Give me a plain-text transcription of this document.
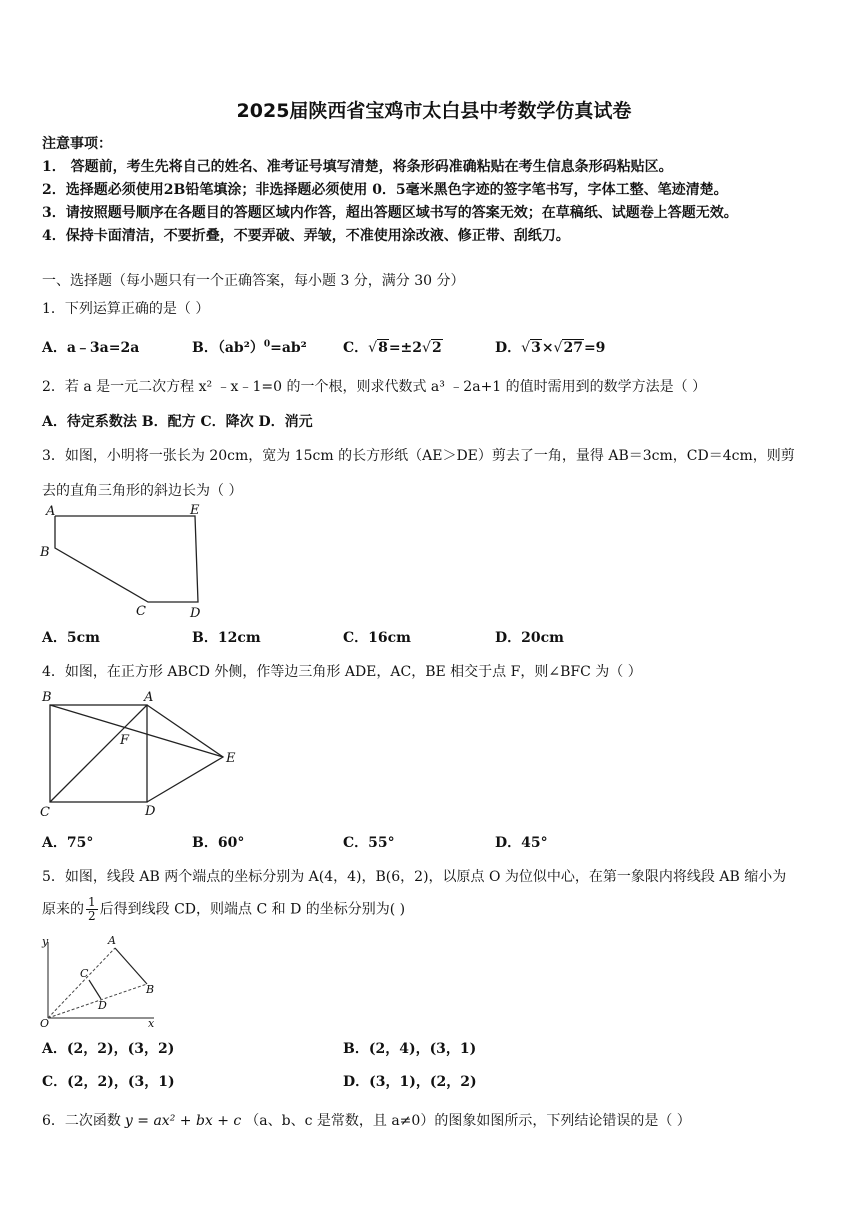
2025届陕西省宝鸡市太白县中考数学仿真试卷
注意事项：
1． 答题前，考生先将自己的姓名、准考证号填写清楚，将条形码准确粘贴在考生信息条形码粘贴区。
2．选择题必须使用2B铅笔填涂；非选择题必须使用 0．5毫米黑色字迹的签字笔书写，字体工整、笔迹清楚。
3．请按照题号顺序在各题目的答题区域内作答，超出答题区域书写的答案无效；在草稿纸、试题卷上答题无效。
4．保持卡面清洁，不要折叠，不要弄破、弄皱，不准使用涂改液、修正带、刮纸刀。
一、选择题（每小题只有一个正确答案，每小题 3 分，满分 30 分）
1．下列运算正确的是（ ）
A．a﹣3a=2a	B．$(ab^2)^0=ab^2$	C．√8=±2√2	D．√3×√27=9
2．若 a 是一元二次方程 x² ﹣x﹣1=0 的一个根，则求代数式 a³ ﹣2a+1 的值时需用到的数学方法是（ ）
A．待定系数法 B．配方 C．降次 D．消元
3．如图，小明将一张长为 20cm，宽为 15cm 的长方形纸（AE＞DE）剪去了一角，量得 AB＝3cm，CD＝4cm，则剪
去的直角三角形的斜边长为（ ）
A	E
B
C	D
A．5cm	B．12cm	C．16cm	D．20cm
4．如图，在正方形 ABCD 外侧，作等边三角形 ADE，AC，BE 相交于点 F，则∠BFC 为（ ）
B	A
F
E
C	D
A．75°	B．60°	C．55°	D．45°
5．如图，线段 AB 两个端点的坐标分别为 A(4，4)，B(6，2)，以原点 O 为位似中心，在第一象限内将线段 AB 缩小为
原来的 $\frac{1}{2}$ 后得到线段 CD，则端点 C 和 D 的坐标分别为( )
y	A
C
B
D
O	x
A．(2，2)，(3，2)	B．(2，4)，(3，1)
C．(2，2)，(3，1)	D．(3，1)，(2，2)
6．二次函数 y = ax² + bx + c （a、b、c 是常数，且 a≠0）的图象如图所示，下列结论错误的是（ ）
